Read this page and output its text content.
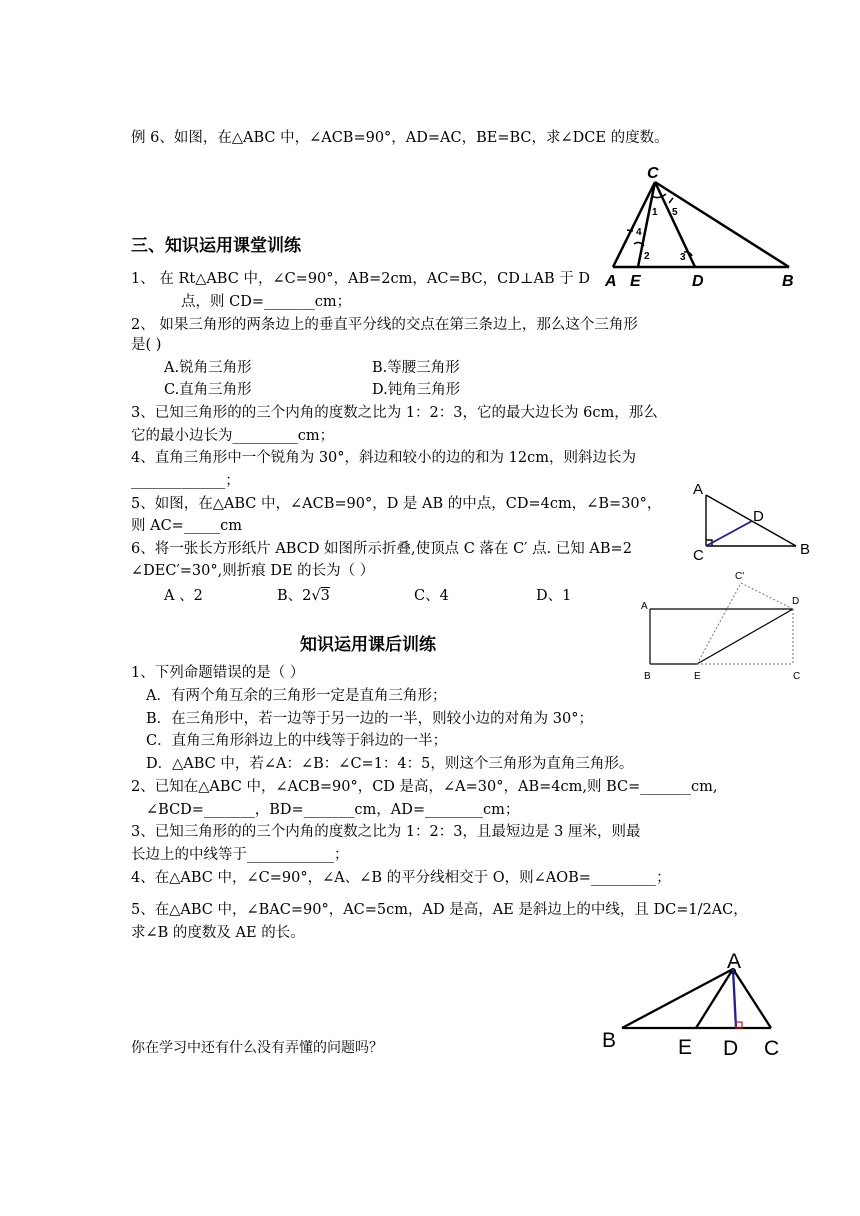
例 6、如图，在△ABC 中，∠ACB=90°，AD=AC，BE=BC，求∠DCE 的度数。
三、知识运用课堂训练
1、 在 Rt△ABC 中，∠C=90°，AB=2cm，AC=BC，CD⊥AB 于 D
点，则 CD=_______cm；
2、 如果三角形的两条边上的垂直平分线的交点在第三条边上，那么这个三角形
是( )
A.锐角三角形	B.等腰三角形
C.直角三角形	D.钝角三角形
3、已知三角形的的三个内角的度数之比为 1：2：3，它的最大边长为 6cm，那么
它的最小边长为_________cm；
4、直角三角形中一个锐角为 30°，斜边和较小的边的和为 12cm，则斜边长为
_____________；
5、如图，在△ABC 中，∠ACB=90°，D 是 AB 的中点，CD=4cm，∠B=30°，
则 AC=_____cm
6、将一张长方形纸片 ABCD 如图所示折叠,使顶点 C 落在 C′ 点. 已知 AB=2
∠DEC′=30°,则折痕 DE 的长为（ ）
A 、2	B、2√3	C、4	D、1
知识运用课后训练
1、下列命题错误的是（ ）
A．有两个角互余的三角形一定是直角三角形；
B．在三角形中，若一边等于另一边的一半，则较小边的对角为 30°；
C．直角三角形斜边上的中线等于斜边的一半；
D．△ABC 中，若∠A：∠B：∠C=1：4：5，则这个三角形为直角三角形。
2、已知在△ABC 中，∠ACB=90°，CD 是高，∠A=30°，AB=4cm,则 BC=_______cm,
∠BCD=_______，BD=_______cm，AD=________cm；
3、已知三角形的的三个内角的度数之比为 1：2：3，且最短边是 3 厘米，则最
长边上的中线等于____________；
4、在△ABC 中，∠C=90°，∠A、∠B 的平分线相交于 O，则∠AOB=_________；
5、在△ABC 中，∠BAC=90°，AC=5cm，AD 是高，AE 是斜边上的中线，且 DC=1/2AC，
求∠B 的度数及 AE 的长。
你在学习中还有什么没有弄懂的问题吗？
C
A E	D	B
1
2	3
4
5
A
D
C	B
C'
A	D
B	E	C
A
B	E D C
